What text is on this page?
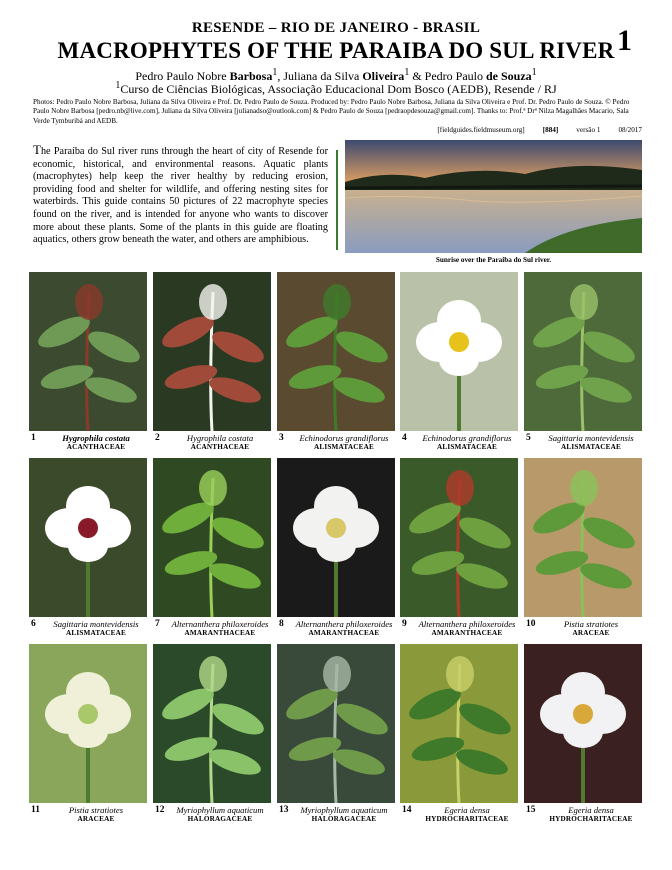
RESENDE – RIO DE JANEIRO - BRASIL
MACROPHYTES OF THE PARAIBA DO SUL RIVER 1
Pedro Paulo Nobre Barbosa$^1$, Juliana da Silva Oliveira$^1$ & Pedro Paulo de Souza$^1$
$^1$Curso de Ciências Biológicas, Associação Educacional Dom Bosco (AEDB), Resende / RJ
Photos: Pedro Paulo Nobre Barbosa, Juliana da Silva Oliveira e Prof. Dr. Pedro Paulo de Souza. Produced by: Pedro Paulo Nobre Barbosa, Juliana da Silva Oliveira e Prof. Dr. Pedro Paulo de Souza. © Pedro Paulo Nobre Barbosa [pedro.nb@live.com], Juliana da Silva Oliveira [julianadso@outlook.com] & Pedro Paulo de Souza [pedraopdesouza@gmail.com]. Thanks to: Prof.ª Drª Nilza Magalhães Macario, Sala Verde Tymburibá and AEDB.
[fieldguides.fieldmuseum.org]	[884]	versão 1	08/2017
The Paraíba do Sul river runs through the heart of city of Resende for economic, historical, and environmental reasons. Aquatic plants (macrophytes) help keep the river healthy by reducing erosion, providing food and shelter for wildlife, and offering nesting sites for waterbirds. This guide contains 50 pictures of 22 macrophyte species found on the river, and is intended for anyone who wants to discover more about these plants. Some of the plants in this guide are floating aquatics, others grow beneath the water, and others are amphibious.
Sunrise over the Paraiba do Sul river.
1	Hygrophila costata
ACANTHACEAE
2	Hygrophila costata
ACANTHACEAE
3	Echinodorus grandiflorus
ALISMATACEAE
4	Echinodorus grandiflorus
ALISMATACEAE
5	Sagittaria montevidensis
ALISMATACEAE
6	Sagittaria montevidensis
ALISMATACEAE
7	Alternanthera philoxeroides
AMARANTHACEAE
8	Alternanthera philoxeroides
AMARANTHACEAE
9	Alternanthera philoxeroides
AMARANTHACEAE
10	Pistia stratiotes
ARACEAE
11	Pistia stratiotes
ARACEAE
12	Myriophyllum aquaticum
HALORAGACEAE
13	Myriophyllum aquaticum
HALORAGACEAE
14	Egeria densa
HYDROCHARITACEAE
15	Egeria densa
HYDROCHARITACEAE
